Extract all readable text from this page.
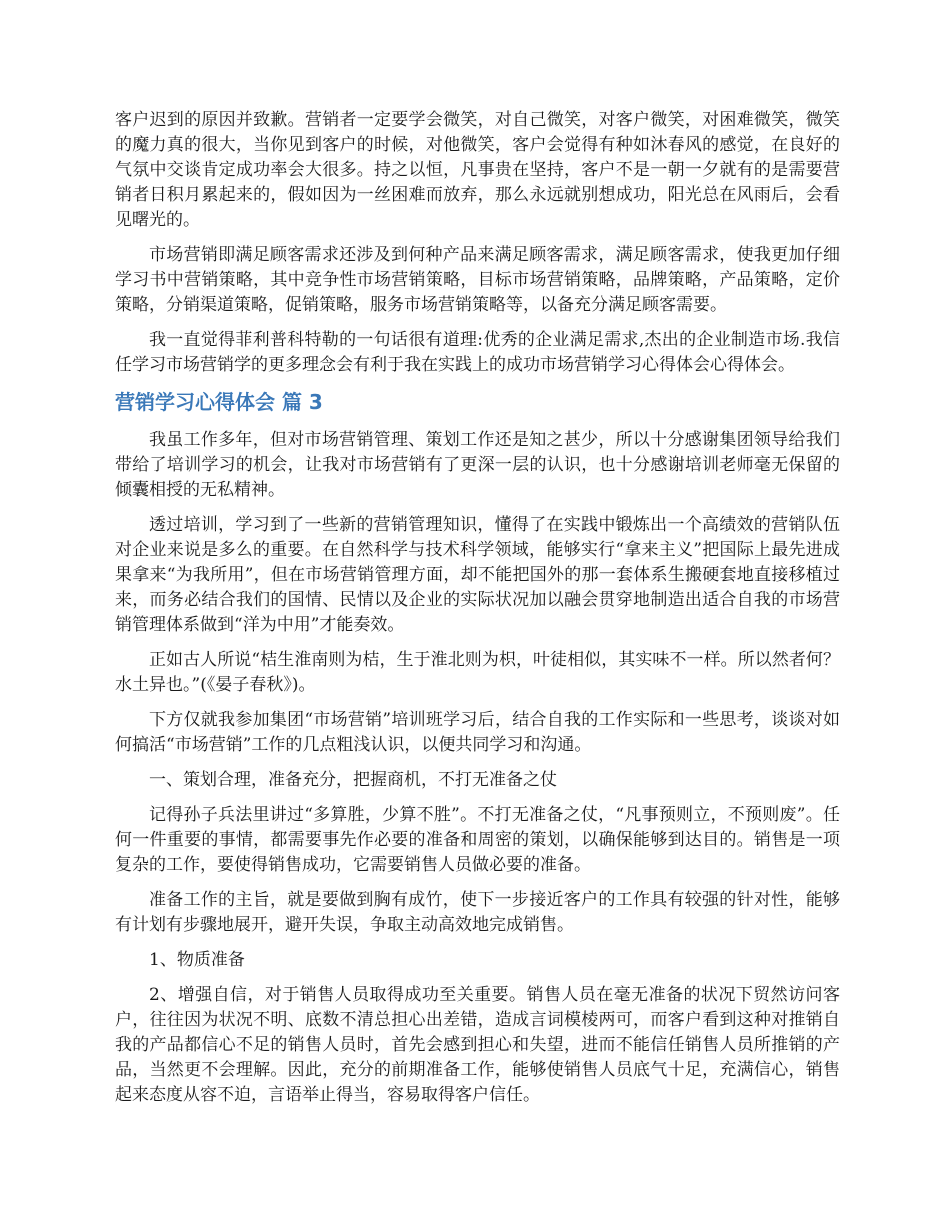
客户迟到的原因并致歉。营销者一定要学会微笑，对自己微笑，对客户微笑，对困难微笑，微笑的魔力真的很大，当你见到客户的时候，对他微笑，客户会觉得有种如沐春风的感觉，在良好的气氛中交谈肯定成功率会大很多。持之以恒，凡事贵在坚持，客户不是一朝一夕就有的是需要营销者日积月累起来的，假如因为一丝困难而放弃，那么永远就别想成功，阳光总在风雨后，会看见曙光的。

市场营销即满足顾客需求还涉及到何种产品来满足顾客需求，满足顾客需求，使我更加仔细学习书中营销策略，其中竞争性市场营销策略，目标市场营销策略，品牌策略，产品策略，定价策略，分销渠道策略，促销策略，服务市场营销策略等，以备充分满足顾客需要。

我一直觉得菲利普科特勒的一句话很有道理:优秀的企业满足需求,杰出的企业制造市场.我信任学习市场营销学的更多理念会有利于我在实践上的成功市场营销学习心得体会心得体会。

营销学习心得体会 篇 3

我虽工作多年，但对市场营销管理、策划工作还是知之甚少，所以十分感谢集团领导给我们带给了培训学习的机会，让我对市场营销有了更深一层的认识，也十分感谢培训老师毫无保留的倾囊相授的无私精神。

透过培训，学习到了一些新的营销管理知识，懂得了在实践中锻炼出一个高绩效的营销队伍对企业来说是多么的重要。在自然科学与技术科学领域，能够实行“拿来主义”把国际上最先进成果拿来“为我所用”，但在市场营销管理方面，却不能把国外的那一套体系生搬硬套地直接移植过来，而务必结合我们的国情、民情以及企业的实际状况加以融会贯穿地制造出适合自我的市场营销管理体系做到“洋为中用”才能奏效。

正如古人所说“桔生淮南则为桔，生于淮北则为枳，叶徒相似，其实味不一样。所以然者何？水土异也。”(《晏子春秋》)。

下方仅就我参加集团“市场营销”培训班学习后，结合自我的工作实际和一些思考，谈谈对如何搞活“市场营销”工作的几点粗浅认识，以便共同学习和沟通。

一、策划合理，准备充分，把握商机，不打无准备之仗

记得孙子兵法里讲过“多算胜，少算不胜”。不打无准备之仗，“凡事预则立，不预则废”。任何一件重要的事情，都需要事先作必要的准备和周密的策划，以确保能够到达目的。销售是一项复杂的工作，要使得销售成功，它需要销售人员做必要的准备。

准备工作的主旨，就是要做到胸有成竹，使下一步接近客户的工作具有较强的针对性，能够有计划有步骤地展开，避开失误，争取主动高效地完成销售。

1、物质准备

2、增强自信，对于销售人员取得成功至关重要。销售人员在毫无准备的状况下贸然访问客户，往往因为状况不明、底数不清总担心出差错，造成言词模棱两可，而客户看到这种对推销自我的产品都信心不足的销售人员时，首先会感到担心和失望，进而不能信任销售人员所推销的产品，当然更不会理解。因此，充分的前期准备工作，能够使销售人员底气十足，充满信心，销售起来态度从容不迫，言语举止得当，容易取得客户信任。
